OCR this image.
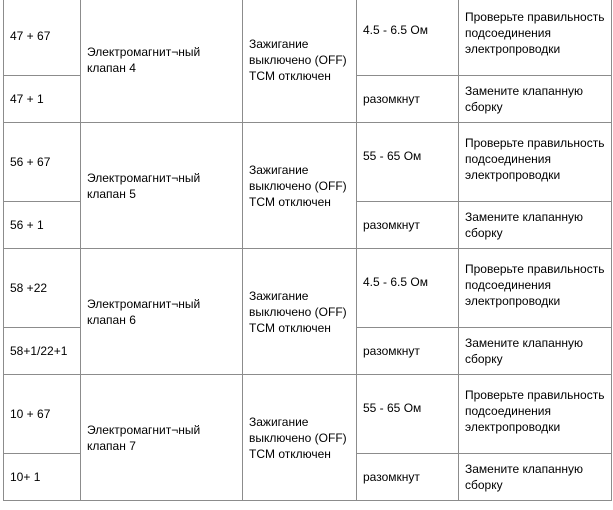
47 + 67	Электромагнит¬ный клапан 4	Зажигание выключено (OFF) TCM отключен	4.5 - 6.5 Ом	Проверьте правильность подсоединения электропроводки
47 + 1			разомкнут	Замените клапанную сборку
56 + 67	Электромагнит¬ный клапан 5	Зажигание выключено (OFF) TCM отключен	55 - 65 Ом	Проверьте правильность подсоединения электропроводки
56 + 1			разомкнут	Замените клапанную сборку
58 +22	Электромагнит¬ный клапан 6	Зажигание выключено (OFF) TCM отключен	4.5 - 6.5 Ом	Проверьте правильность подсоединения электропроводки
58+1/22+1			разомкнут	Замените клапанную сборку
10 + 67	Электромагнит¬ный клапан 7	Зажигание выключено (OFF) TCM отключен	55 - 65 Ом	Проверьте правильность подсоединения электропроводки
10+ 1			разомкнут	Замените клапанную сборку
